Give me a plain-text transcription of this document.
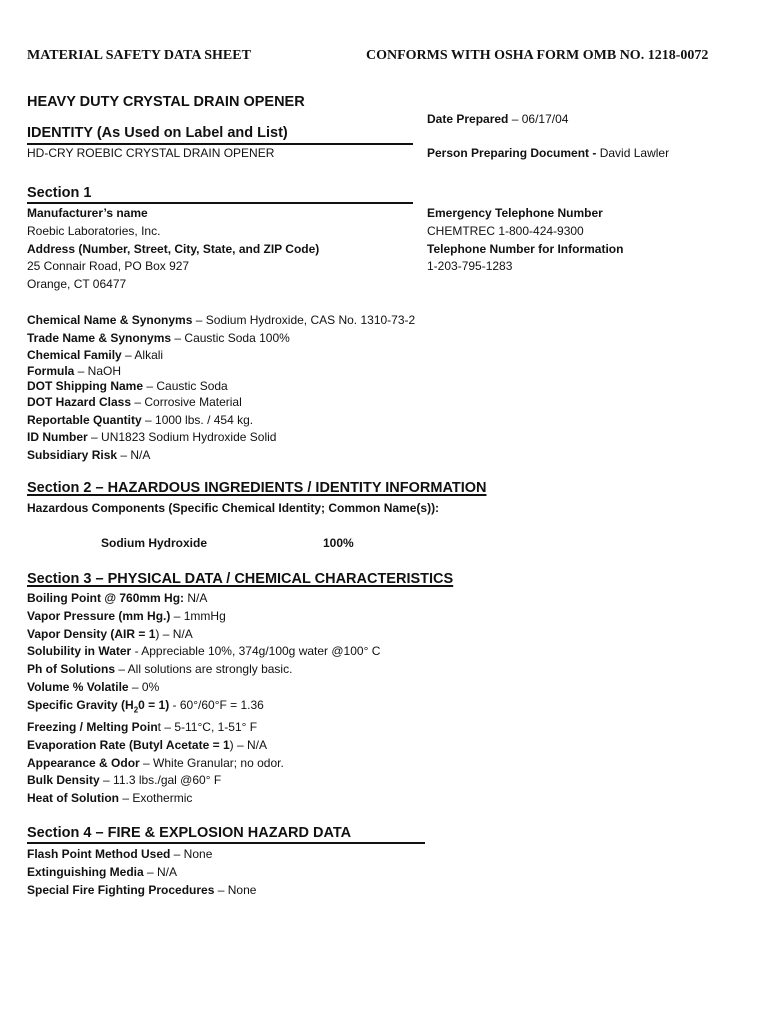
MATERIAL SAFETY DATA SHEET	CONFORMS WITH OSHA FORM OMB NO. 1218-0072
HEAVY DUTY CRYSTAL DRAIN OPENER
IDENTITY (As Used on Label and List)
HD-CRY ROEBIC CRYSTAL DRAIN OPENER
Date Prepared – 06/17/04
Person Preparing Document - David Lawler
Section 1
Manufacturer’s name
Roebic Laboratories, Inc.
Address (Number, Street, City, State, and ZIP Code)
25 Connair Road, PO Box 927
Orange, CT 06477
Emergency Telephone Number
CHEMTREC 1-800-424-9300
Telephone Number for Information
1-203-795-1283
Chemical Name & Synonyms – Sodium Hydroxide, CAS No. 1310-73-2
Trade Name & Synonyms – Caustic Soda 100%
Chemical Family – Alkali
Formula – NaOH
DOT Shipping Name – Caustic Soda
DOT Hazard Class – Corrosive Material
Reportable Quantity – 1000 lbs. / 454 kg.
ID Number – UN1823 Sodium Hydroxide Solid
Subsidiary Risk – N/A
Section 2 – HAZARDOUS INGREDIENTS / IDENTITY INFORMATION
Hazardous Components (Specific Chemical Identity; Common Name(s)):
Sodium Hydroxide	100%
Section 3 – PHYSICAL DATA / CHEMICAL CHARACTERISTICS
Boiling Point @ 760mm Hg: N/A
Vapor Pressure (mm Hg.) – 1mmHg
Vapor Density (AIR = 1) – N/A
Solubility in Water - Appreciable 10%, 374g/100g water @100° C
Ph of Solutions – All solutions are strongly basic.
Volume % Volatile – 0%
Specific Gravity $(H_20 = 1) - 60^\circ/60^\circ F = 1.36$
Freezing / Melting Point – 5-11°C, 1-51° F
Evaporation Rate (Butyl Acetate = 1) – N/A
Appearance & Odor – White Granular; no odor.
Bulk Density – 11.3 lbs./gal @60° F
Heat of Solution – Exothermic
Section 4 – FIRE & EXPLOSION HAZARD DATA
Flash Point Method Used – None
Extinguishing Media – N/A
Special Fire Fighting Procedures – None
